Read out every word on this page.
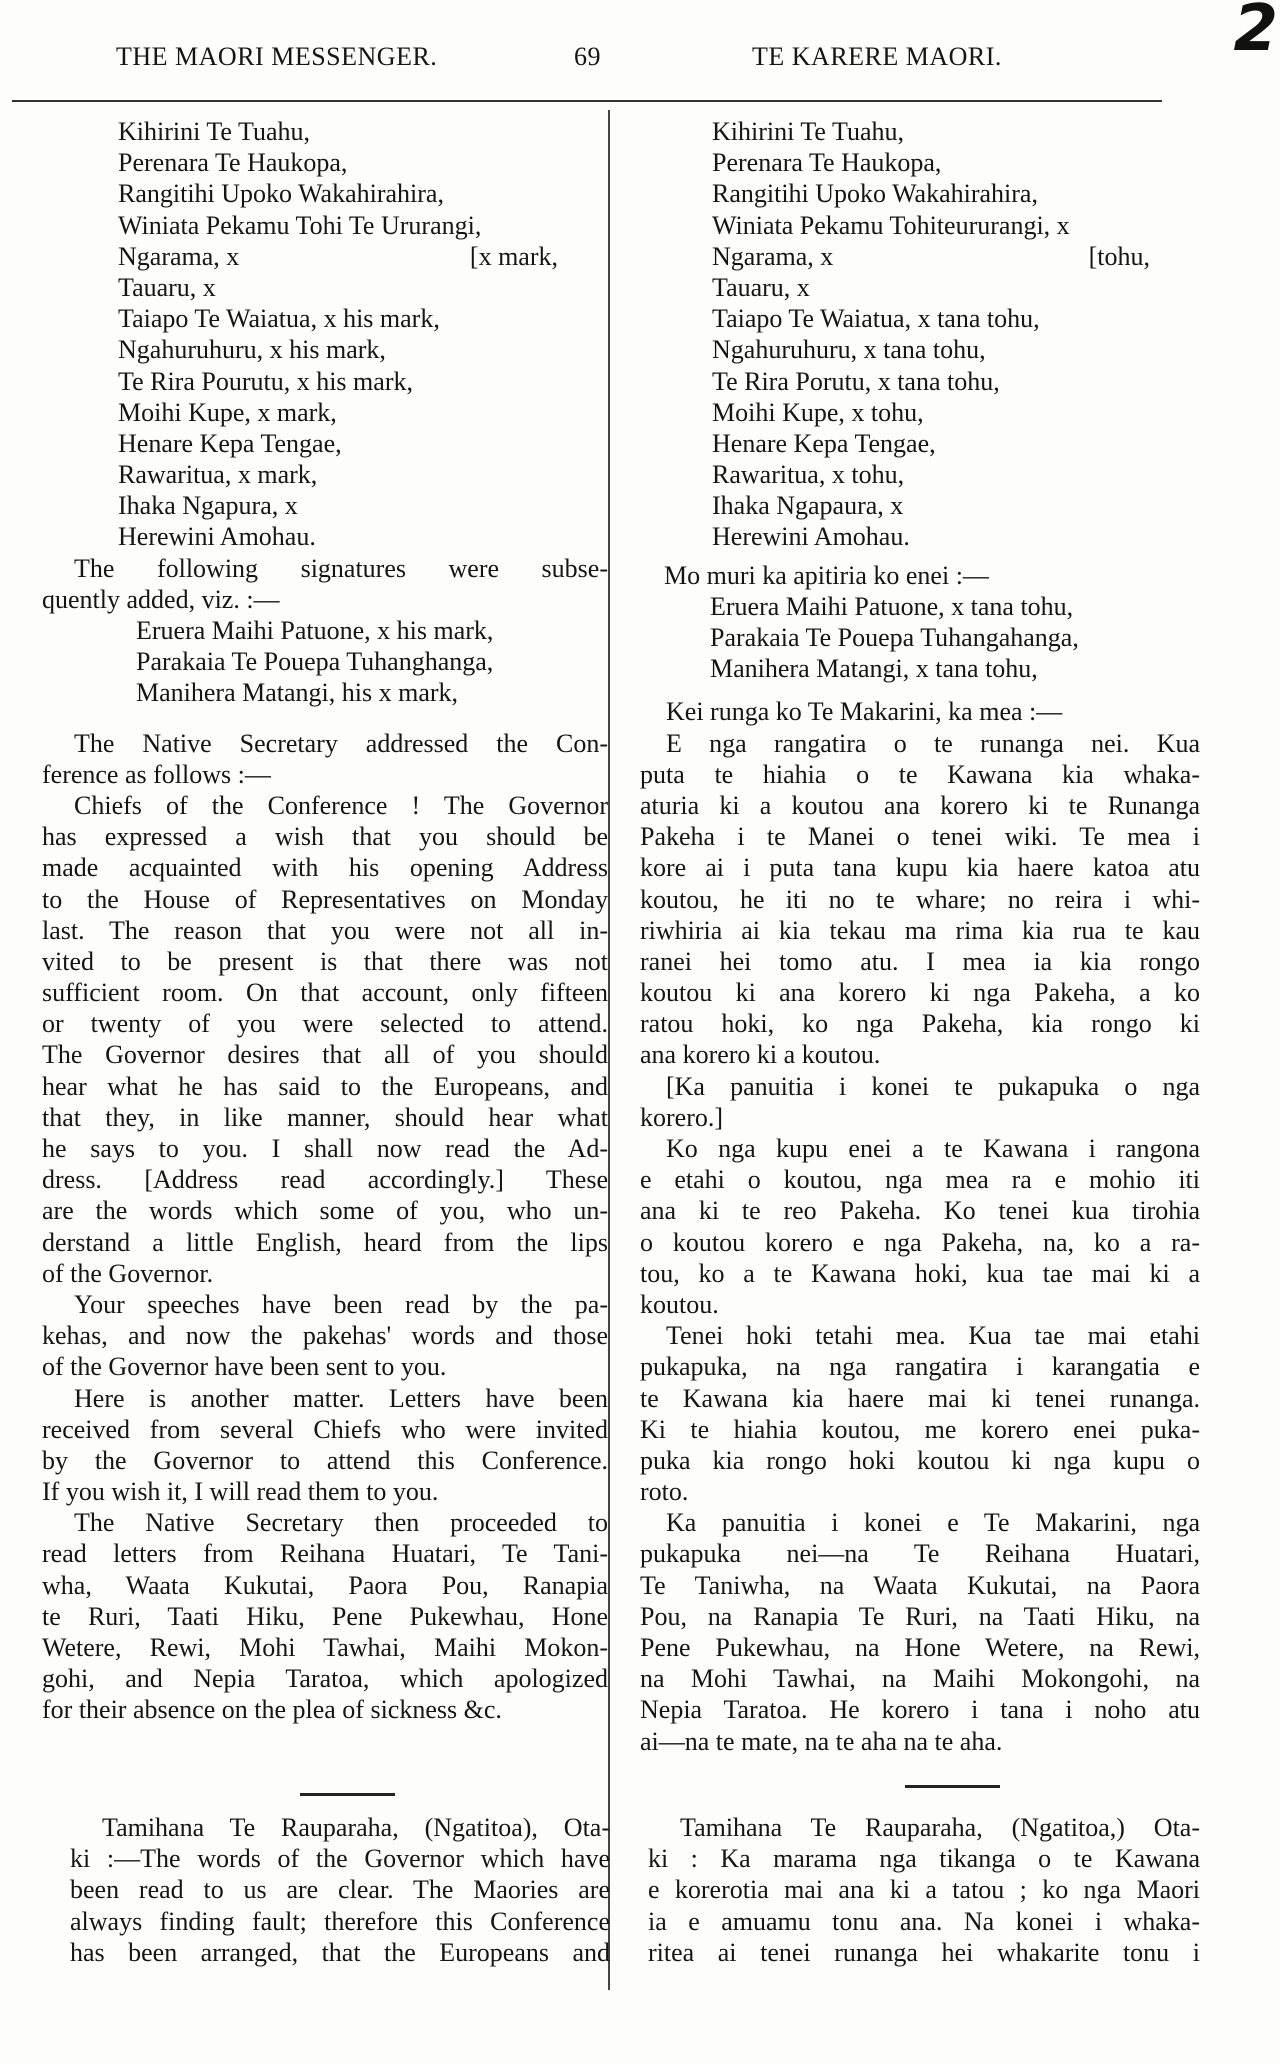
THE MAORI MESSENGER.	69	TE KARERE MAORI.	2
Kihirini Te Tuahu,
Perenara Te Haukopa,
Rangitihi Upoko Wakahirahira,
Winiata Pekamu Tohi Te Ururangi,
Ngarama, x	[x mark,
Tauaru, x
Taiapo Te Waiatua, x his mark,
Ngahuruhuru, x his mark,
Te Rira Pourutu, x his mark,
Moihi Kupe, x mark,
Henare Kepa Tengae,
Rawaritua, x mark,
Ihaka Ngapura, x
Herewini Amohau.
The following signatures were subse-
quently added, viz. :—
Eruera Maihi Patuone, x his mark,
Parakaia Te Pouepa Tuhanghanga,
Manihera Matangi, his x mark,
The Native Secretary addressed the Con-
ference as follows :—
Chiefs of the Conference ! The Governor
has expressed a wish that you should be
made acquainted with his opening Address
to the House of Representatives on Monday
last. The reason that you were not all in-
vited to be present is that there was not
sufficient room. On that account, only fifteen
or twenty of you were selected to attend.
The Governor desires that all of you should
hear what he has said to the Europeans, and
that they, in like manner, should hear what
he says to you. I shall now read the Ad-
dress. [Address read accordingly.] These
are the words which some of you, who un-
derstand a little English, heard from the lips
of the Governor.
Your speeches have been read by the pa-
kehas, and now the pakehas' words and those
of the Governor have been sent to you.
Here is another matter. Letters have been
received from several Chiefs who were invited
by the Governor to attend this Conference.
If you wish it, I will read them to you.
The Native Secretary then proceeded to
read letters from Reihana Huatari, Te Tani-
wha, Waata Kukutai, Paora Pou, Ranapia
te Ruri, Taati Hiku, Pene Pukewhau, Hone
Wetere, Rewi, Mohi Tawhai, Maihi Mokon-
gohi, and Nepia Taratoa, which apologized
for their absence on the plea of sickness &c.
Kihirini Te Tuahu,
Perenara Te Haukopa,
Rangitihi Upoko Wakahirahira,
Winiata Pekamu Tohiteururangi, x
Ngarama, x	[tohu,
Tauaru, x
Taiapo Te Waiatua, x tana tohu,
Ngahuruhuru, x tana tohu,
Te Rira Porutu, x tana tohu,
Moihi Kupe, x tohu,
Henare Kepa Tengae,
Rawaritua, x tohu,
Ihaka Ngapaura, x
Herewini Amohau.
Mo muri ka apitiria ko enei :—
Eruera Maihi Patuone, x tana tohu,
Parakaia Te Pouepa Tuhangahanga,
Manihera Matangi, x tana tohu,
Kei runga ko Te Makarini, ka mea :—
E nga rangatira o te runanga nei. Kua
puta te hiahia o te Kawana kia whaka-
aturia ki a koutou ana korero ki te Runanga
Pakeha i te Manei o tenei wiki. Te mea i
kore ai i puta tana kupu kia haere katoa atu
koutou, he iti no te whare; no reira i whi-
riwhiria ai kia tekau ma rima kia rua te kau
ranei hei tomo atu. I mea ia kia rongo
koutou ki ana korero ki nga Pakeha, a ko
ratou hoki, ko nga Pakeha, kia rongo ki
ana korero ki a koutou.
[Ka panuitia i konei te pukapuka o nga
korero.]
Ko nga kupu enei a te Kawana i rangona
e etahi o koutou, nga mea ra e mohio iti
ana ki te reo Pakeha. Ko tenei kua tirohia
o koutou korero e nga Pakeha, na, ko a ra-
tou, ko a te Kawana hoki, kua tae mai ki a
koutou.
Tenei hoki tetahi mea. Kua tae mai etahi
pukapuka, na nga rangatira i karangatia e
te Kawana kia haere mai ki tenei runanga.
Ki te hiahia koutou, me korero enei puka-
puka kia rongo hoki koutou ki nga kupu o
roto.
Ka panuitia i konei e Te Makarini, nga
pukapuka nei—na Te Reihana Huatari,
Te Taniwha, na Waata Kukutai, na Paora
Pou, na Ranapia Te Ruri, na Taati Hiku, na
Pene Pukewhau, na Hone Wetere, na Rewi,
na Mohi Tawhai, na Maihi Mokongohi, na
Nepia Taratoa. He korero i tana i noho atu
ai—na te mate, na te aha na te aha.
Tamihana Te Rauparaha, (Ngatitoa), Ota-
ki :—The words of the Governor which have
been read to us are clear. The Maories are
always finding fault; therefore this Conference
has been arranged, that the Europeans and
Tamihana Te Rauparaha, (Ngatitoa,) Ota-
ki : Ka marama nga tikanga o te Kawana
e korerotia mai ana ki a tatou ; ko nga Maori
ia e amuamu tonu ana. Na konei i whaka-
ritea ai tenei runanga hei whakarite tonu i
